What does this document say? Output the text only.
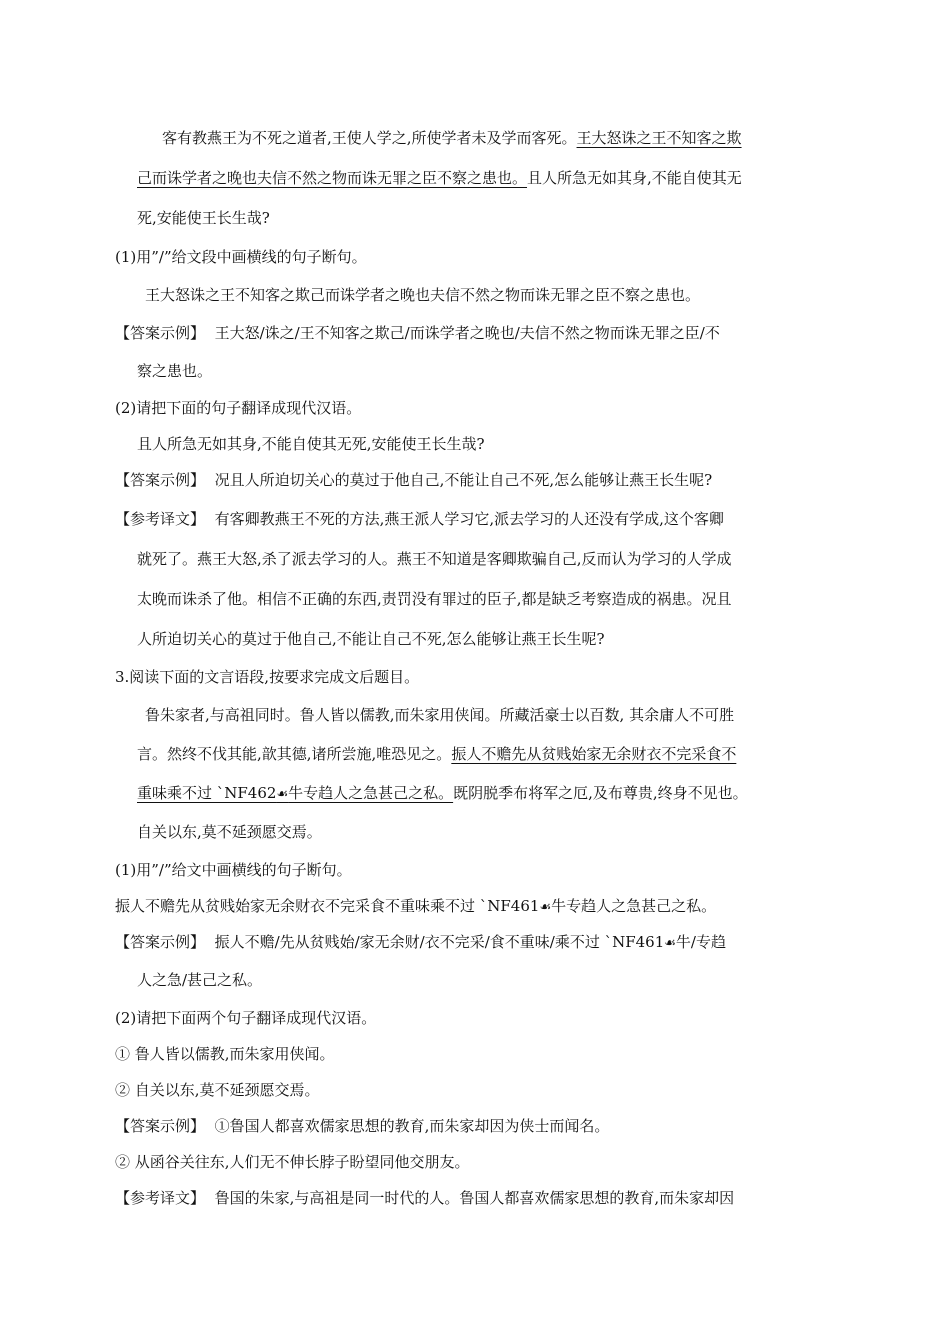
客有教燕王为不死之道者,王使人学之,所使学者未及学而客死。王大怒诛之王不知客之欺
己而诛学者之晚也夫信不然之物而诛无罪之臣不察之患也。且人所急无如其身,不能自使其无
死,安能使王长生哉?
(1)用”/”给文段中画横线的句子断句。
王大怒诛之王不知客之欺己而诛学者之晚也夫信不然之物而诛无罪之臣不察之患也。
【答案示例】 王大怒/诛之/王不知客之欺己/而诛学者之晚也/夫信不然之物而诛无罪之臣/不
察之患也。
(2)请把下面的句子翻译成现代汉语。
且人所急无如其身,不能自使其无死,安能使王长生哉?
【答案示例】 况且人所迫切关心的莫过于他自己,不能让自己不死,怎么能够让燕王长生呢?
【参考译文】 有客卿教燕王不死的方法,燕王派人学习它,派去学习的人还没有学成,这个客卿
就死了。燕王大怒,杀了派去学习的人。燕王不知道是客卿欺骗自己,反而认为学习的人学成
太晚而诛杀了他。相信不正确的东西,责罚没有罪过的臣子,都是缺乏考察造成的祸患。况且
人所迫切关心的莫过于他自己,不能让自己不死,怎么能够让燕王长生呢?
3.阅读下面的文言语段,按要求完成文后题目。
鲁朱家者,与高祖同时。鲁人皆以儒教,而朱家用侠闻。所藏活豪士以百数, 其余庸人不可胜
言。然终不伐其能,歆其德,诸所尝施,唯恐见之。振人不赡先从贫贱始家无余财衣不完采食不
重味乘不过 `NF462☙牛专趋人之急甚己之私。既阴脱季布将军之厄,及布尊贵,终身不见也。
自关以东,莫不延颈愿交焉。
(1)用”/”给文中画横线的句子断句。
振人不赡先从贫贱始家无余财衣不完采食不重味乘不过 `NF461☙牛专趋人之急甚己之私。
【答案示例】 振人不赡/先从贫贱始/家无余财/衣不完采/食不重味/乘不过 `NF461☙牛/专趋
人之急/甚己之私。
(2)请把下面两个句子翻译成现代汉语。
① 鲁人皆以儒教,而朱家用侠闻。
② 自关以东,莫不延颈愿交焉。
【答案示例】 ①鲁国人都喜欢儒家思想的教育,而朱家却因为侠士而闻名。
② 从函谷关往东,人们无不伸长脖子盼望同他交朋友。
【参考译文】 鲁国的朱家,与高祖是同一时代的人。鲁国人都喜欢儒家思想的教育,而朱家却因
